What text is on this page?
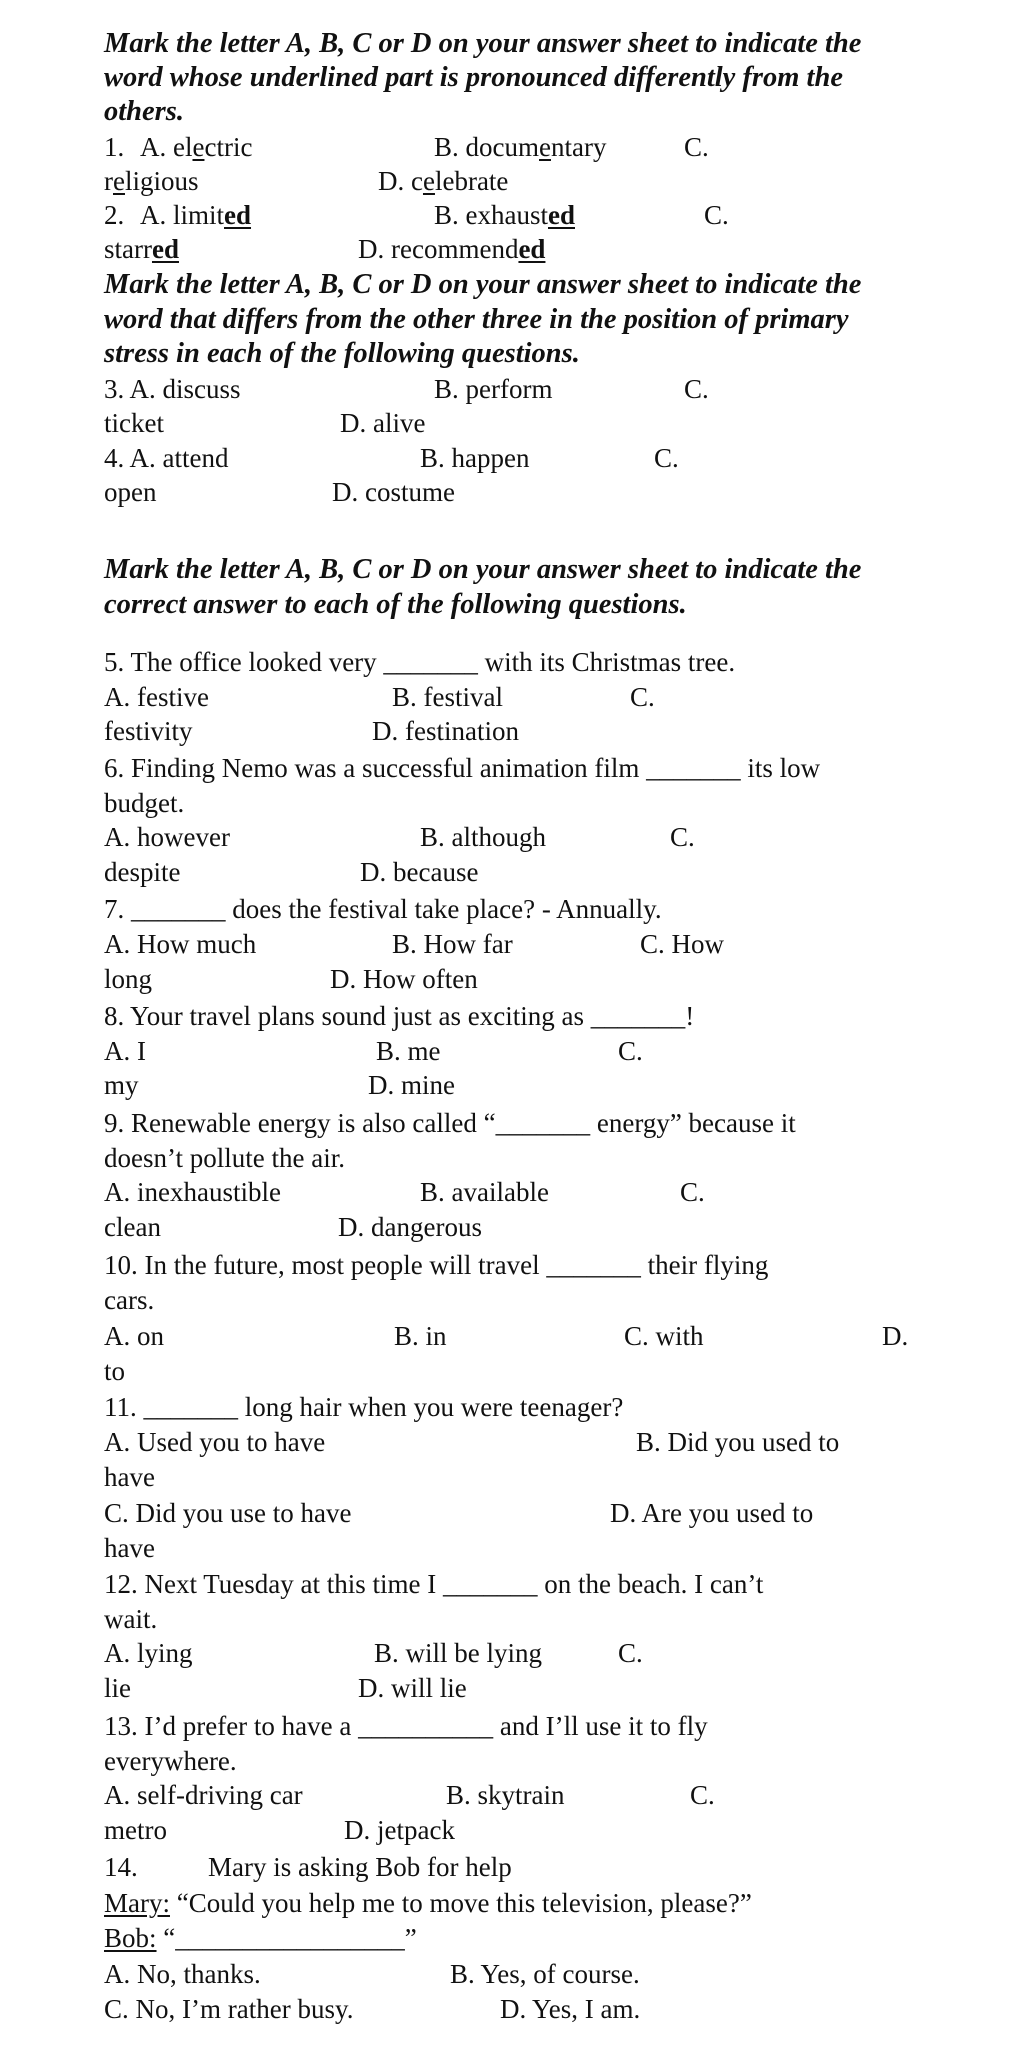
Mark the letter A, B, C or D on your answer sheet to indicate the
word whose underlined part is pronounced differently from the
others.
1. A. electric	B. documentary	C.
religious	D. celebrate
2. A. limited	B. exhausted	C.
starred	D. recommended
Mark the letter A, B, C or D on your answer sheet to indicate the
word that differs from the other three in the position of primary
stress in each of the following questions.
3. A. discuss	B. perform	C.
ticket	D. alive
4. A. attend	B. happen	C.
open	D. costume
Mark the letter A, B, C or D on your answer sheet to indicate the
correct answer to each of the following questions.
5. The office looked very _______ with its Christmas tree.
A. festive	B. festival	C.
festivity	D. festination
6. Finding Nemo was a successful animation film _______ its low
budget.
A. however	B. although	C.
despite	D. because
7. _______ does the festival take place? - Annually.
A. How much	B. How far	C. How
long	D. How often
8. Your travel plans sound just as exciting as _______!
A. I	B. me	C.
my	D. mine
9. Renewable energy is also called “_______ energy” because it
doesn’t pollute the air.
A. inexhaustible	B. available	C.
clean	D. dangerous
10. In the future, most people will travel _______ their flying
cars.
A. on	B. in	C. with	D.
to
11. _______ long hair when you were teenager?
A. Used you to have	B. Did you used to
have
C. Did you use to have	D. Are you used to
have
12. Next Tuesday at this time I _______ on the beach. I can’t
wait.
A. lying	B. will be lying	C.
lie	D. will lie
13. I’d prefer to have a __________ and I’ll use it to fly
everywhere.
A. self-driving car	B. skytrain	C.
metro	D. jetpack
14.	Mary is asking Bob for help
Mary: “Could you help me to move this television, please?”
Bob: “_________________”
A. No, thanks.	B. Yes, of course.
C. No, I’m rather busy.	D. Yes, I am.
